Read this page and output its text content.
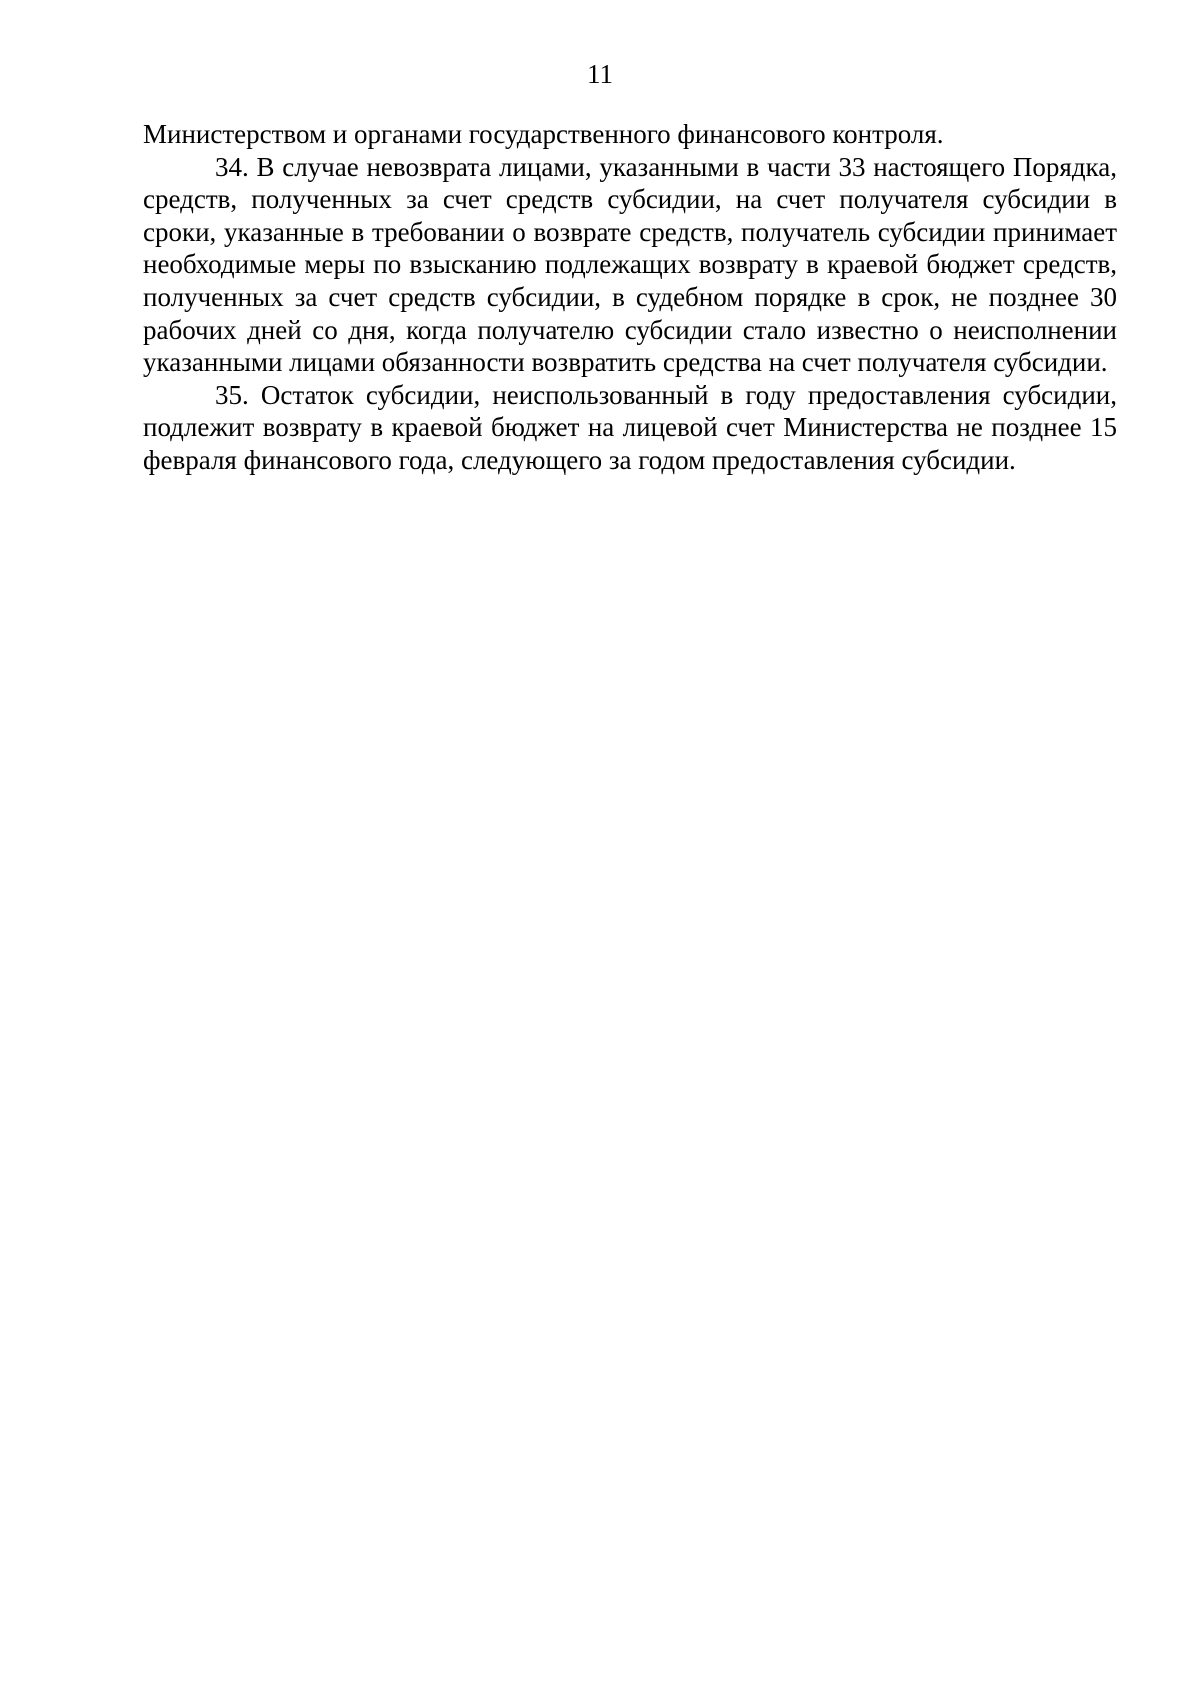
11

Министерством и органами государственного финансового контроля.

34. В случае невозврата лицами, указанными в части 33 настоящего Порядка, средств, полученных за счет средств субсидии, на счет получателя субсидии в сроки, указанные в требовании о возврате средств, получатель субсидии принимает необходимые меры по взысканию подлежащих возврату в краевой бюджет средств, полученных за счет средств субсидии, в судебном порядке в срок, не позднее 30 рабочих дней со дня, когда получателю субсидии стало известно о неисполнении указанными лицами обязанности возвратить средства на счет получателя субсидии.

35. Остаток субсидии, неиспользованный в году предоставления субсидии, подлежит возврату в краевой бюджет на лицевой счет Министерства не позднее 15 февраля финансового года, следующего за годом предоставления субсидии.
